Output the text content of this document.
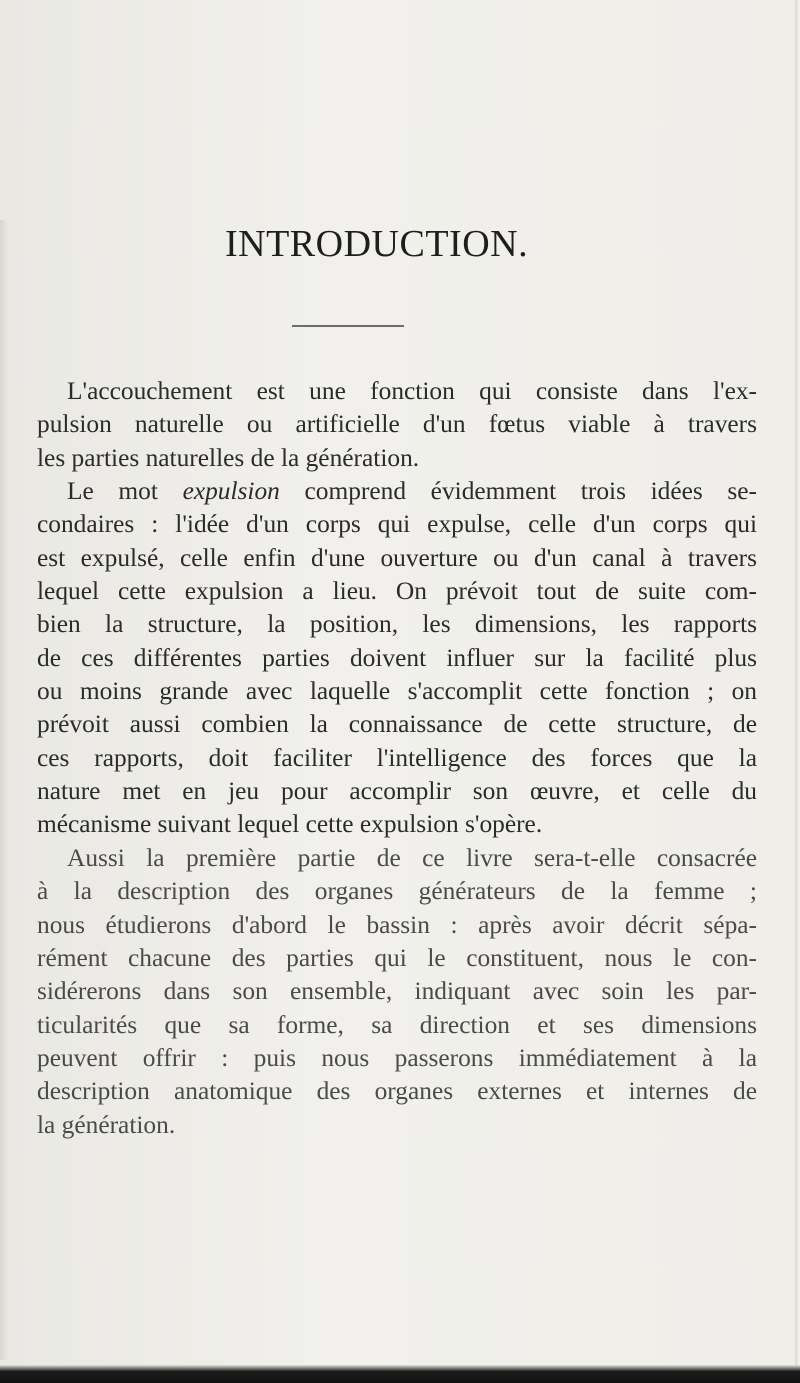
INTRODUCTION.
L'accouchement est une fonction qui consiste dans l'ex-
pulsion naturelle ou artificielle d'un fœtus viable à travers
les parties naturelles de la génération.
Le mot expulsion comprend évidemment trois idées se-
condaires : l'idée d'un corps qui expulse, celle d'un corps qui
est expulsé, celle enfin d'une ouverture ou d'un canal à travers
lequel cette expulsion a lieu. On prévoit tout de suite com-
bien la structure, la position, les dimensions, les rapports
de ces différentes parties doivent influer sur la facilité plus
ou moins grande avec laquelle s'accomplit cette fonction ; on
prévoit aussi combien la connaissance de cette structure, de
ces rapports, doit faciliter l'intelligence des forces que la
nature met en jeu pour accomplir son œuvre, et celle du
mécanisme suivant lequel cette expulsion s'opère.
Aussi la première partie de ce livre sera-t-elle consacrée
à la description des organes générateurs de la femme ;
nous étudierons d'abord le bassin : après avoir décrit sépa-
rément chacune des parties qui le constituent, nous le con-
sidérerons dans son ensemble, indiquant avec soin les par-
ticularités que sa forme, sa direction et ses dimensions
peuvent offrir : puis nous passerons immédiatement à la
description anatomique des organes externes et internes de
la génération.
